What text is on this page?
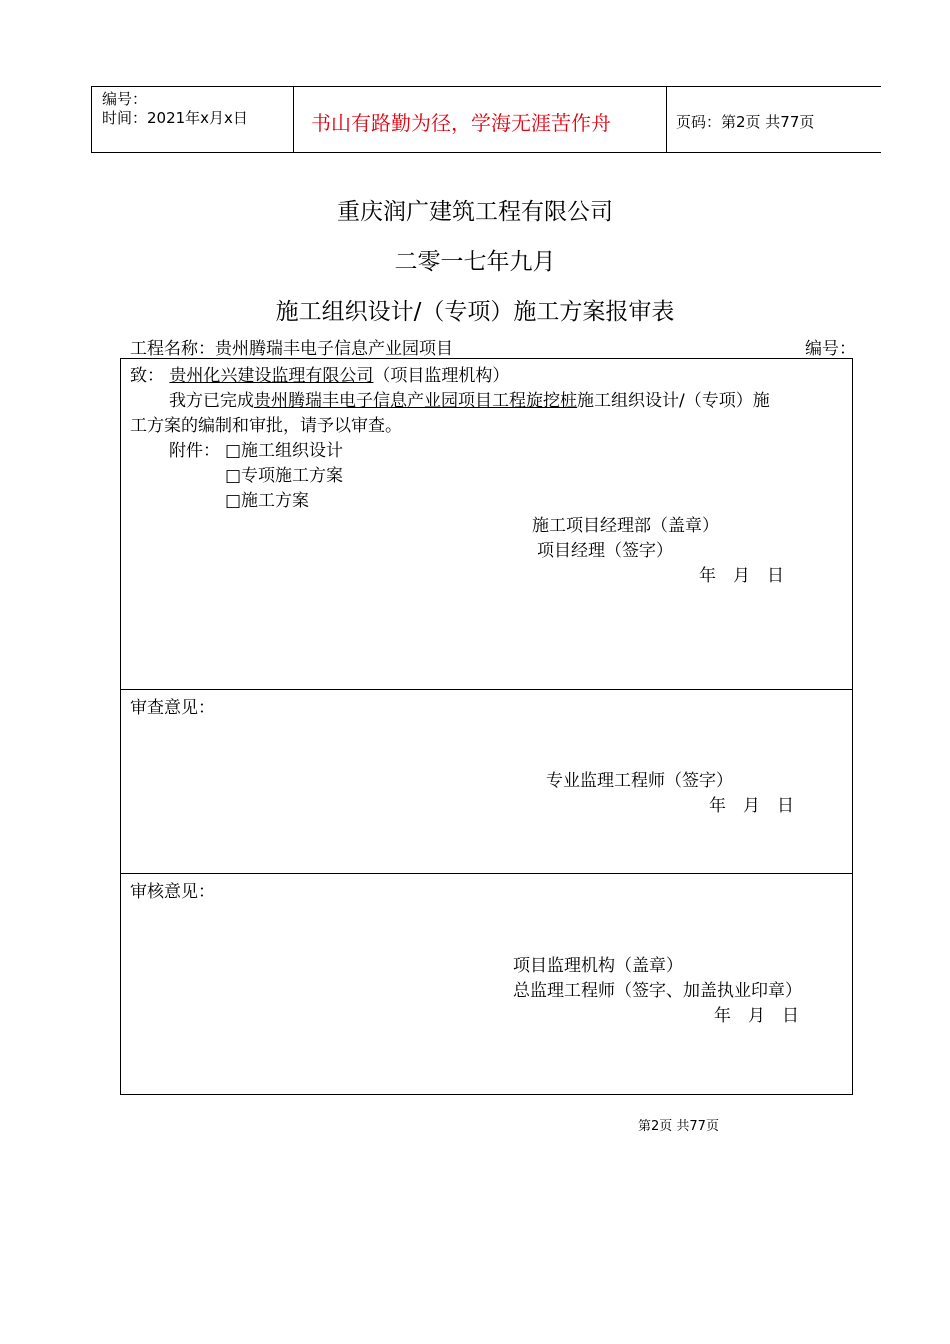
编号：
时间：2021年x月x日	书山有路勤为径，学海无涯苦作舟	页码：第2页 共77页
重庆润广建筑工程有限公司
二零一七年九月
施工组织设计/（专项）施工方案报审表
工程名称：贵州腾瑞丰电子信息产业园项目	编号：
致： 贵州化兴建设监理有限公司（项目监理机构）
我方已完成贵州腾瑞丰电子信息产业园项目工程旋挖桩施工组织设计/（专项）施
工方案的编制和审批，请予以审查。
附件： □施工组织设计
□专项施工方案
□施工方案
施工项目经理部（盖章）
项目经理（签字）
年　月　日
审查意见：
专业监理工程师（签字）
年　月　日
审核意见：
项目监理机构（盖章）
总监理工程师（签字、加盖执业印章）
年　月　日
第2页 共77页
